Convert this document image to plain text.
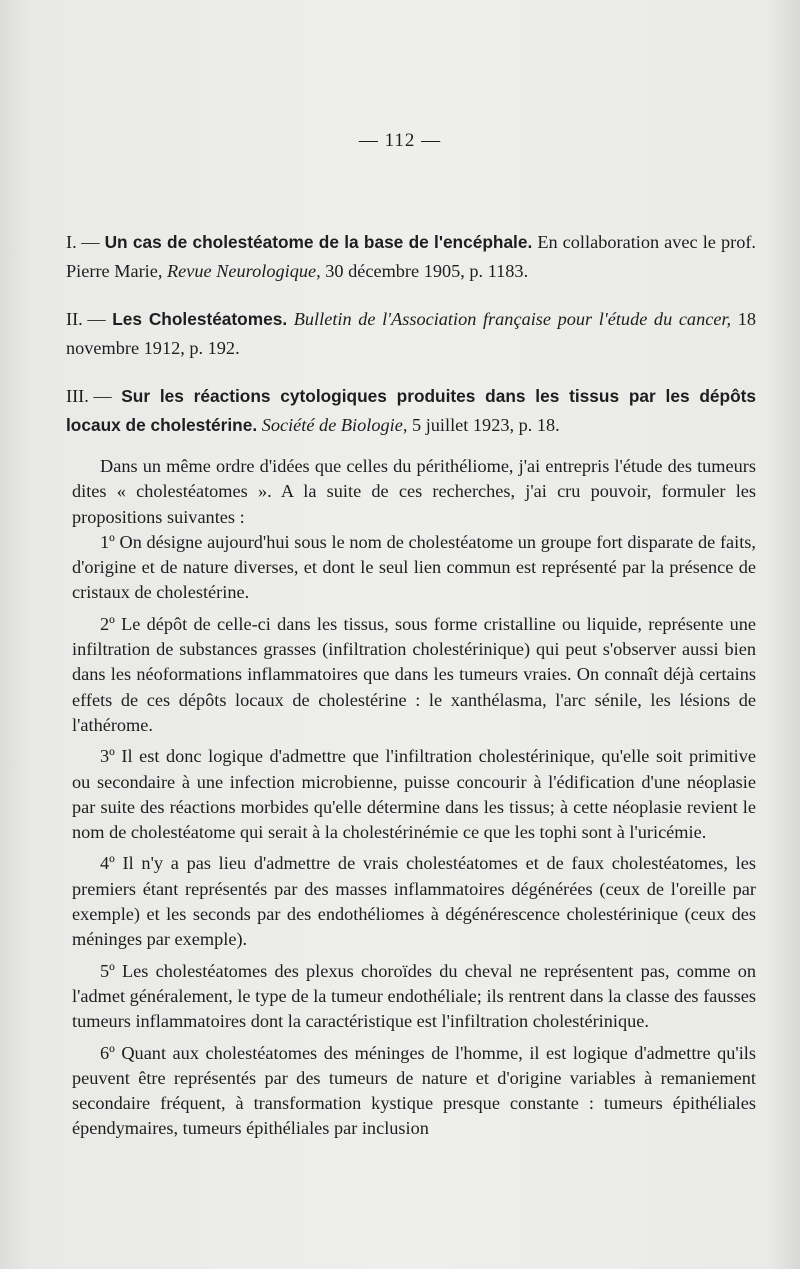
— 112 —
I. — Un cas de cholestéatome de la base de l'encéphale. En collaboration avec le prof. Pierre Marie, Revue Neurologique, 30 décembre 1905, p. 1183.
II. — Les Cholestéatomes. Bulletin de l'Association française pour l'étude du cancer, 18 novembre 1912, p. 192.
III. — Sur les réactions cytologiques produites dans les tissus par les dépôts locaux de cholestérine. Société de Biologie, 5 juillet 1923, p. 18.

Dans un même ordre d'idées que celles du périthéliome, j'ai entrepris l'étude des tumeurs dites « cholestéatomes ». A la suite de ces recherches, j'ai cru pouvoir, formuler les propositions suivantes :

1º On désigne aujourd'hui sous le nom de cholestéatome un groupe fort disparate de faits, d'origine et de nature diverses, et dont le seul lien commun est représenté par la présence de cristaux de cholestérine.

2º Le dépôt de celle-ci dans les tissus, sous forme cristalline ou liquide, représente une infiltration de substances grasses (infiltration cholestérinique) qui peut s'observer aussi bien dans les néoformations inflammatoires que dans les tumeurs vraies. On connaît déjà certains effets de ces dépôts locaux de cholestérine : le xanthélasma, l'arc sénile, les lésions de l'athérome.

3º Il est donc logique d'admettre que l'infiltration cholestérinique, qu'elle soit primitive ou secondaire à une infection microbienne, puisse concourir à l'édification d'une néoplasie par suite des réactions morbides qu'elle détermine dans les tissus; à cette néoplasie revient le nom de cholestéatome qui serait à la cholestérinémie ce que les tophi sont à l'uricémie.

4º Il n'y a pas lieu d'admettre de vrais cholestéatomes et de faux cholestéatomes, les premiers étant représentés par des masses inflammatoires dégénérées (ceux de l'oreille par exemple) et les seconds par des endothéliomes à dégénérescence cholestérinique (ceux des méninges par exemple).

5º Les cholestéatomes des plexus choroïdes du cheval ne représentent pas, comme on l'admet généralement, le type de la tumeur endothéliale; ils rentrent dans la classe des fausses tumeurs inflammatoires dont la caractéristique est l'infiltration cholestérinique.

6º Quant aux cholestéatomes des méninges de l'homme, il est logique d'admettre qu'ils peuvent être représentés par des tumeurs de nature et d'origine variables à remaniement secondaire fréquent, à transformation kystique presque constante : tumeurs épithéliales épendymaires, tumeurs épithéliales par inclusion
